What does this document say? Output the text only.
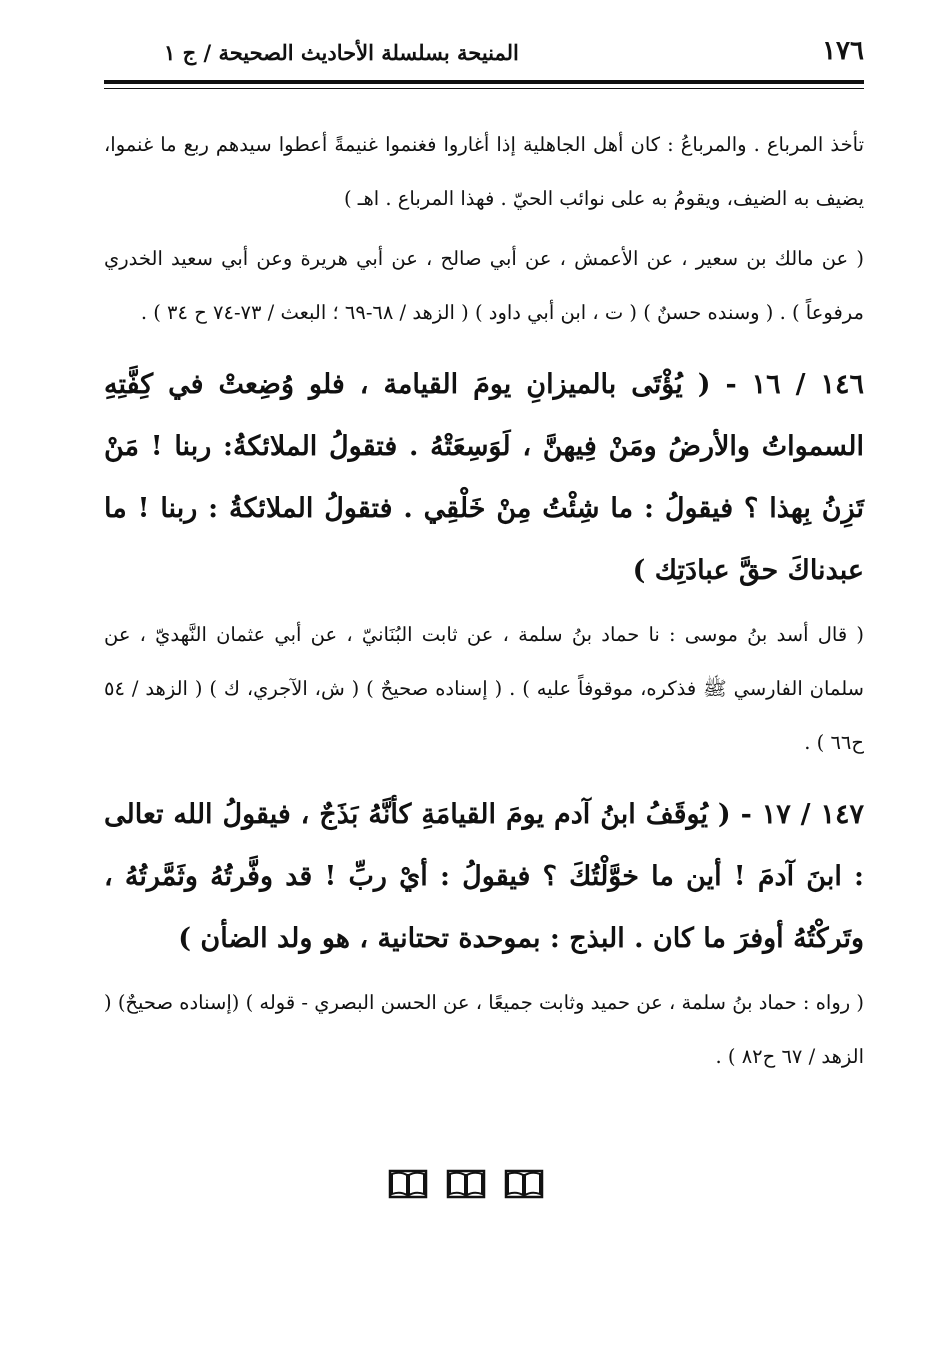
١٧٦
المنيحة بسلسلة الأحاديث الصحيحة / ج ١

تأخذ المرباع . والمرباعُ : كان أهل الجاهلية إذا أغاروا فغنموا غنيمةً أعطوا سيدهم ربع ما غنموا، يضيف به الضيف، ويقومُ به على نوائب الحيّ . فهذا المرباع . اهـ )

( عن مالك بن سعير ، عن الأعمش ، عن أبي صالح ، عن أبي هريرة وعن أبي سعيد الخدري مرفوعاً ) . ( وسنده حسنٌ ) ( ت ، ابن أبي داود ) ( الزهد / ٦٨-٦٩ ؛ البعث / ٧٣-٧٤ ح ٣٤ ) .

١٤٦ / ١٦ - ( يُؤْتَى بالميزانِ يومَ القيامة ، فلو وُضِعتْ في كِفَّتِهِ السمواتُ والأرضُ ومَنْ فِيهنَّ ، لَوَسِعَتْهُ . فتقولُ الملائكةُ: ربنا ! مَنْ تَزِنُ بِهذا ؟ فيقولُ : ما شِئْتُ مِنْ خَلْقِي . فتقولُ الملائكةُ : ربنا ! ما عبدناكَ حقَّ عبادَتِك )

( قال أسد بنُ موسى : نا حماد بنُ سلمة ، عن ثابت البُنَانيّ ، عن أبي عثمان النَّهديّ ، عن سلمان الفارسي ﷺ فذكره، موقوفاً عليه ) . ( إسناده صحيحٌ ) ( ش، الآجري، ك ) ( الزهد / ٥٤ ح٦٦ ) .

١٤٧ / ١٧ - ( يُوقَفُ ابنُ آدم يومَ القيامَةِ كأنَّهُ بَذَجٌ ، فيقولُ الله تعالى : ابنَ آدمَ ! أين ما خوَّلْتُكَ ؟ فيقولُ : أيْ ربِّ ! قد وفَّرتُهُ وثَمَّرتُهُ ، وتَركْتُهُ أوفرَ ما كان . البذج : بموحدة تحتانية ، هو ولد الضأن )

( رواه : حماد بنُ سلمة ، عن حميد وثابت جميعًا ، عن الحسن البصري - قوله ) (إسناده صحيحٌ) ( الزهد / ٦٧ ح٨٢ ) .
